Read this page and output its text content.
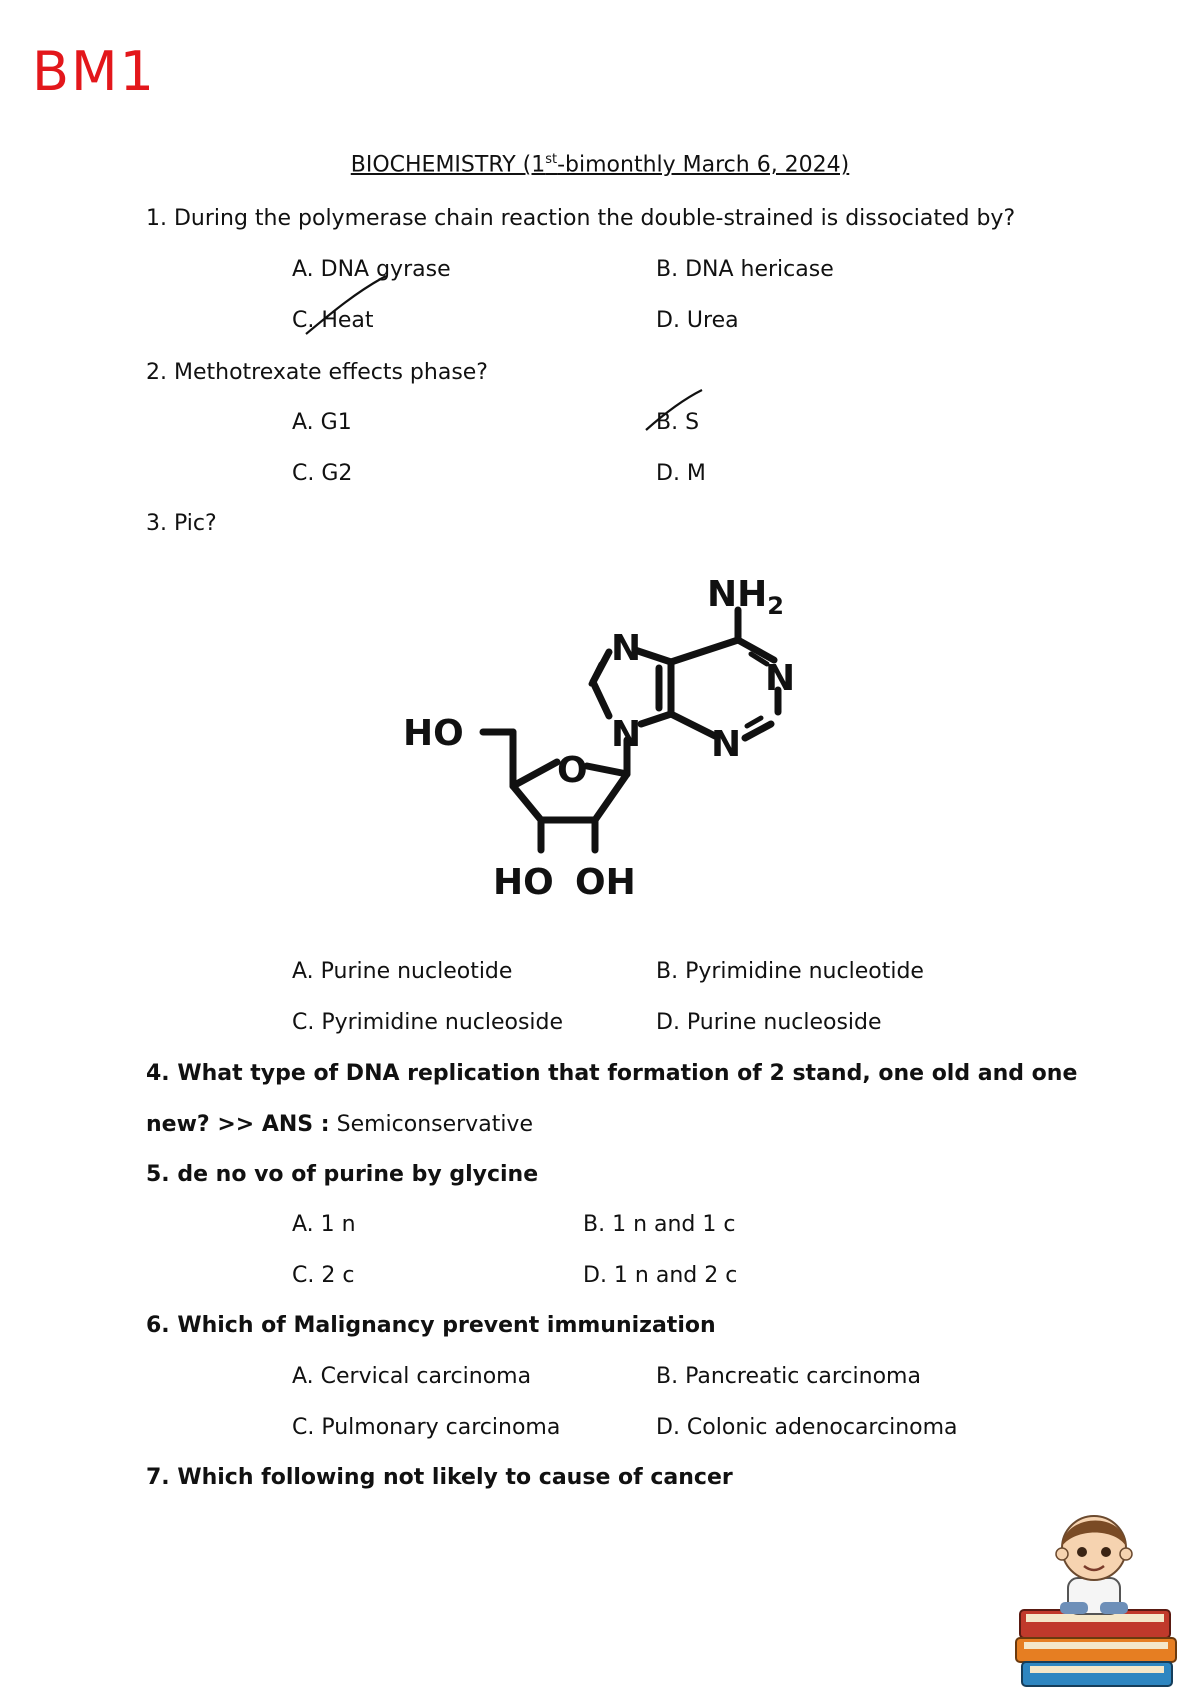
BM1
BIOCHEMISTRY (1st-bimonthly March 6, 2024)
1. During the polymerase chain reaction the double-strained is dissociated by?
A. DNA gyrase	B. DNA hericase
C. Heat	D. Urea
2. Methotrexate effects phase?
A. G1	B. S
C. G2	D. M
3. Pic?
$NH_2$
N
N
N
N
O
HO
HO OH
A. Purine nucleotide	B. Pyrimidine nucleotide
C. Pyrimidine nucleoside	D. Purine nucleoside
4. What type of DNA replication that formation of 2 stand, one old and one
new? >> ANS : Semiconservative
5. de no vo of purine by glycine
A. 1 n	B. 1 n and 1 c
C. 2 c	D. 1 n and 2 c
6. Which of Malignancy prevent immunization
A. Cervical carcinoma	B. Pancreatic carcinoma
C. Pulmonary carcinoma	D. Colonic adenocarcinoma
7. Which following not likely to cause of cancer
